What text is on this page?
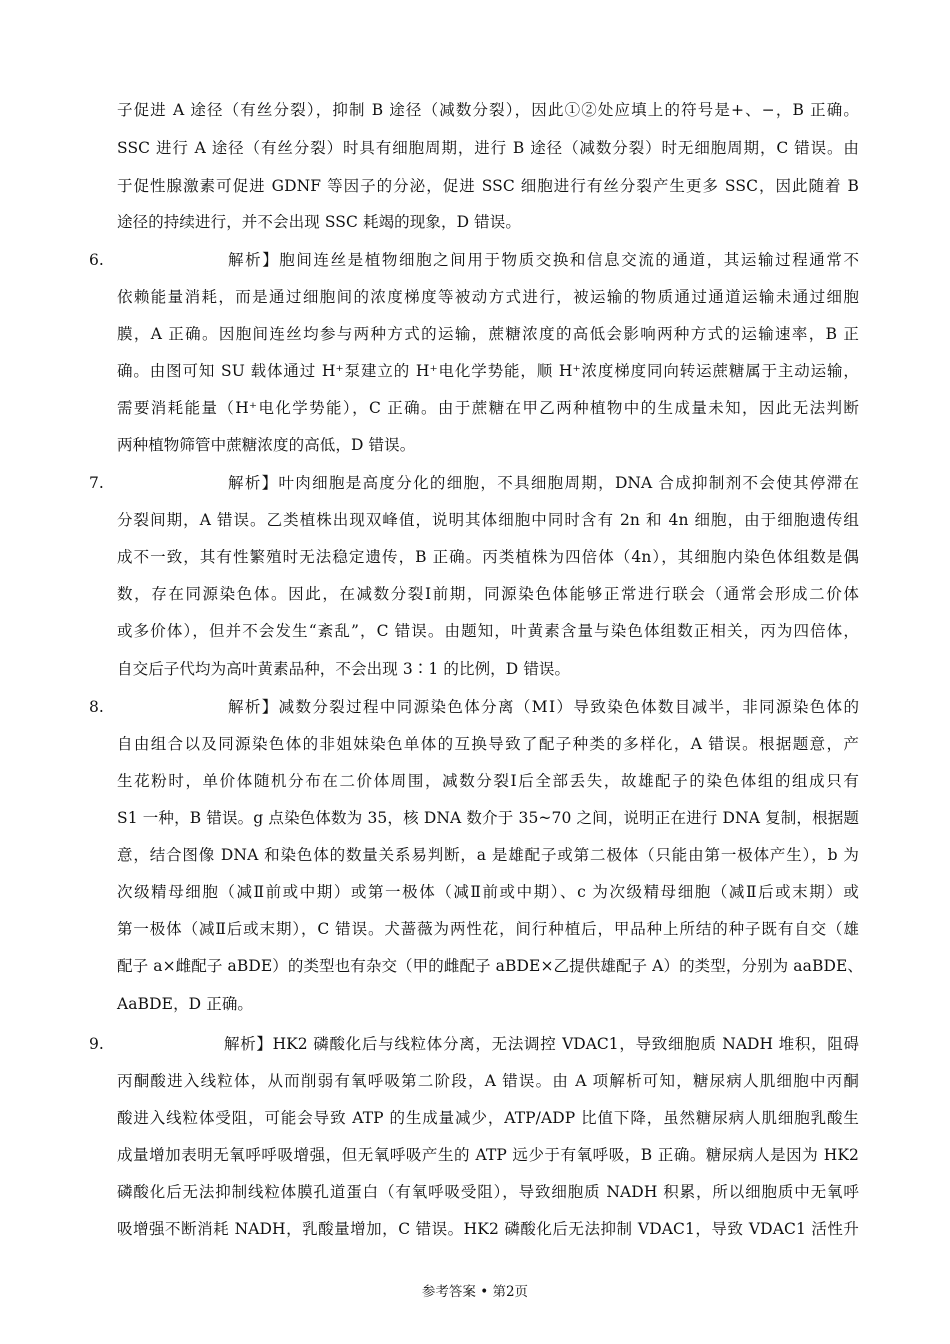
子促进 A 途径（有丝分裂），抑制 B 途径（减数分裂），因此①②处应填上的符号是+、−，B 正确。
SSC 进行 A 途径（有丝分裂）时具有细胞周期，进行 B 途径（减数分裂）时无细胞周期，C 错误。由
于促性腺激素可促进 GDNF 等因子的分泌，促进 SSC 细胞进行有丝分裂产生更多 SSC，因此随着 B
途径的持续进行，并不会出现 SSC 耗竭的现象，D 错误。
6.	解析】胞间连丝是植物细胞之间用于物质交换和信息交流的通道，其运输过程通常不
依赖能量消耗，而是通过细胞间的浓度梯度等被动方式进行，被运输的物质通过通道运输未通过细胞
膜，A 正确。因胞间连丝均参与两种方式的运输，蔗糖浓度的高低会影响两种方式的运输速率，B 正
确。由图可知 SU 载体通过 H⁺泵建立的 H⁺电化学势能，顺 H⁺浓度梯度同向转运蔗糖属于主动运输，
需要消耗能量（H⁺电化学势能），C 正确。由于蔗糖在甲乙两种植物中的生成量未知，因此无法判断
两种植物筛管中蔗糖浓度的高低，D 错误。
7.	解析】叶肉细胞是高度分化的细胞，不具细胞周期，DNA 合成抑制剂不会使其停滞在
分裂间期，A 错误。乙类植株出现双峰值，说明其体细胞中同时含有 2n 和 4n 细胞，由于细胞遗传组
成不一致，其有性繁殖时无法稳定遗传，B 正确。丙类植株为四倍体（4n），其细胞内染色体组数是偶
数，存在同源染色体。因此，在减数分裂Ⅰ前期，同源染色体能够正常进行联会（通常会形成二价体
或多价体），但并不会发生“紊乱”，C 错误。由题知，叶黄素含量与染色体组数正相关，丙为四倍体，
自交后子代均为高叶黄素品种，不会出现 3∶1 的比例，D 错误。
8.	解析】减数分裂过程中同源染色体分离（MⅠ）导致染色体数目减半，非同源染色体的
自由组合以及同源染色体的非姐妹染色单体的互换导致了配子种类的多样化，A 错误。根据题意，产
生花粉时，单价体随机分布在二价体周围，减数分裂Ⅰ后全部丢失，故雄配子的染色体组的组成只有
S1 一种，B 错误。g 点染色体数为 35，核 DNA 数介于 35~70 之间，说明正在进行 DNA 复制，根据题
意，结合图像 DNA 和染色体的数量关系易判断，a 是雄配子或第二极体（只能由第一极体产生），b 为
次级精母细胞（减Ⅱ前或中期）或第一极体（减Ⅱ前或中期）、c 为次级精母细胞（减Ⅱ后或末期）或
第一极体（减Ⅱ后或末期），C 错误。犬蔷薇为两性花，间行种植后，甲品种上所结的种子既有自交（雄
配子 a×雌配子 aBDE）的类型也有杂交（甲的雌配子 aBDE×乙提供雄配子 A）的类型，分别为 aaBDE、
AaBDE，D 正确。
9.	解析】HK2 磷酸化后与线粒体分离，无法调控 VDAC1，导致细胞质 NADH 堆积，阻碍
丙酮酸进入线粒体，从而削弱有氧呼吸第二阶段，A 错误。由 A 项解析可知，糖尿病人肌细胞中丙酮
酸进入线粒体受阻，可能会导致 ATP 的生成量减少，ATP/ADP 比值下降，虽然糖尿病人肌细胞乳酸生
成量增加表明无氧呼呼吸增强，但无氧呼吸产生的 ATP 远少于有氧呼吸，B 正确。糖尿病人是因为 HK2
磷酸化后无法抑制线粒体膜孔道蛋白（有氧呼吸受阻），导致细胞质 NADH 积累，所以细胞质中无氧呼
吸增强不断消耗 NADH，乳酸量增加，C 错误。HK2 磷酸化后无法抑制 VDAC1，导致 VDAC1 活性升
参考答案 • 第2页
